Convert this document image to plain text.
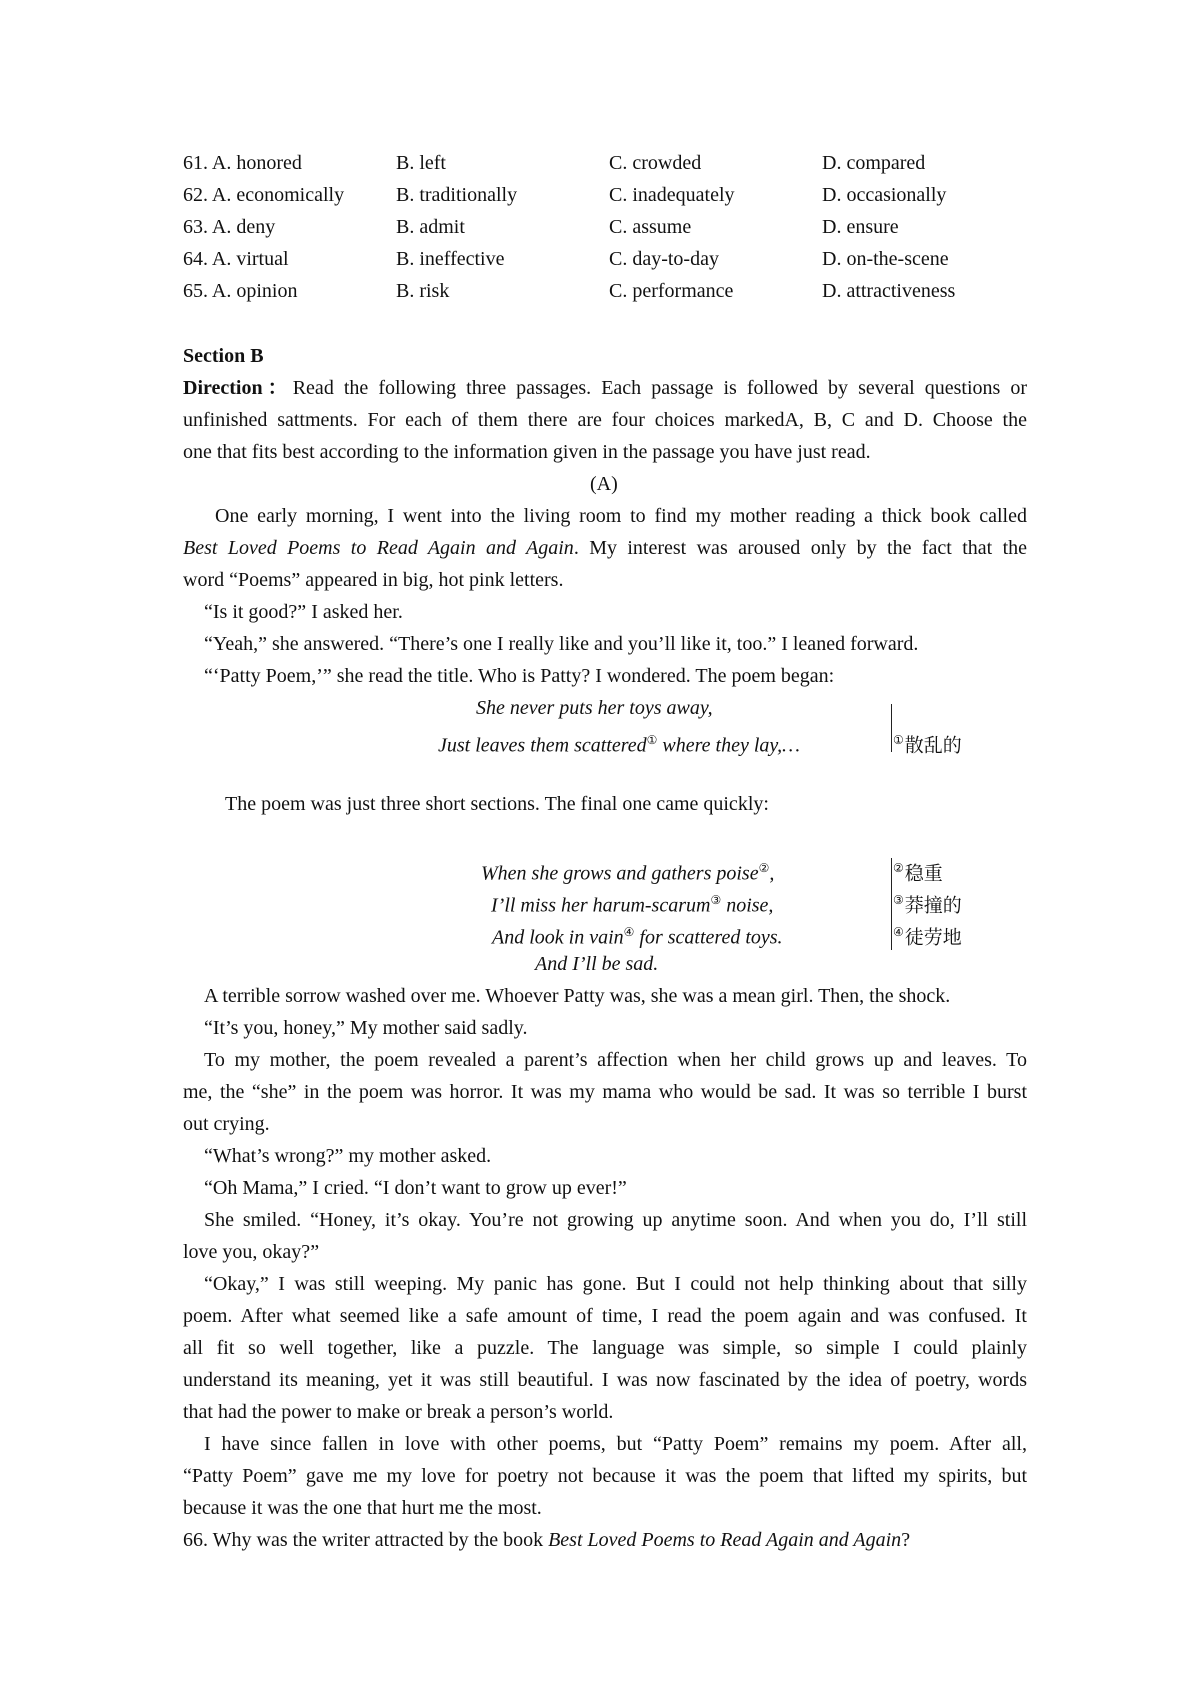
61. A. honored	B. left	C. crowded	D. compared
62. A. economically	B. traditionally	C. inadequately	D. occasionally
63. A. deny	B. admit	C. assume	D. ensure
64. A. virtual	B. ineffective	C. day-to-day	D. on-the-scene
65. A. opinion	B. risk	C. performance	D. attractiveness
Section B
Direction：Read the following three passages. Each passage is followed by several questions or
unfinished sattments. For each of them there are four choices markedA, B, C and D. Choose the
one that fits best according to the information given in the passage you have just read.
(A)
One early morning, I went into the living room to find my mother reading a thick book called
Best Loved Poems to Read Again and Again. My interest was aroused only by the fact that the
word “Poems” appeared in big, hot pink letters.
“Is it good?” I asked her.
“Yeah,” she answered. “There’s one I really like and you’ll like it, too.” I leaned forward.
“‘Patty Poem,’” she read the title. Who is Patty? I wondered. The poem began:
She never puts her toys away,
Just leaves them scattered① where they lay,…	①散乱的
The poem was just three short sections. The final one came quickly:
When she grows and gathers poise②,
I’ll miss her harum-scarum③ noise,
And look in vain④ for scattered toys.
And I’ll be sad.
②稳重
③莽撞的
④徒劳地
A terrible sorrow washed over me. Whoever Patty was, she was a mean girl. Then, the shock.
“It’s you, honey,” My mother said sadly.
To my mother, the poem revealed a parent’s affection when her child grows up and leaves. To
me, the “she” in the poem was horror. It was my mama who would be sad. It was so terrible I burst
out crying.
“What’s wrong?” my mother asked.
“Oh Mama,” I cried. “I don’t want to grow up ever!”
She smiled. “Honey, it’s okay. You’re not growing up anytime soon. And when you do, I’ll still
love you, okay?”
“Okay,” I was still weeping. My panic has gone. But I could not help thinking about that silly
poem. After what seemed like a safe amount of time, I read the poem again and was confused. It
all fit so well together, like a puzzle. The language was simple, so simple I could plainly
understand its meaning, yet it was still beautiful. I was now fascinated by the idea of poetry, words
that had the power to make or break a person’s world.
I have since fallen in love with other poems, but “Patty Poem” remains my poem. After all,
“Patty Poem” gave me my love for poetry not because it was the poem that lifted my spirits, but
because it was the one that hurt me the most.
66. Why was the writer attracted by the book Best Loved Poems to Read Again and Again?
